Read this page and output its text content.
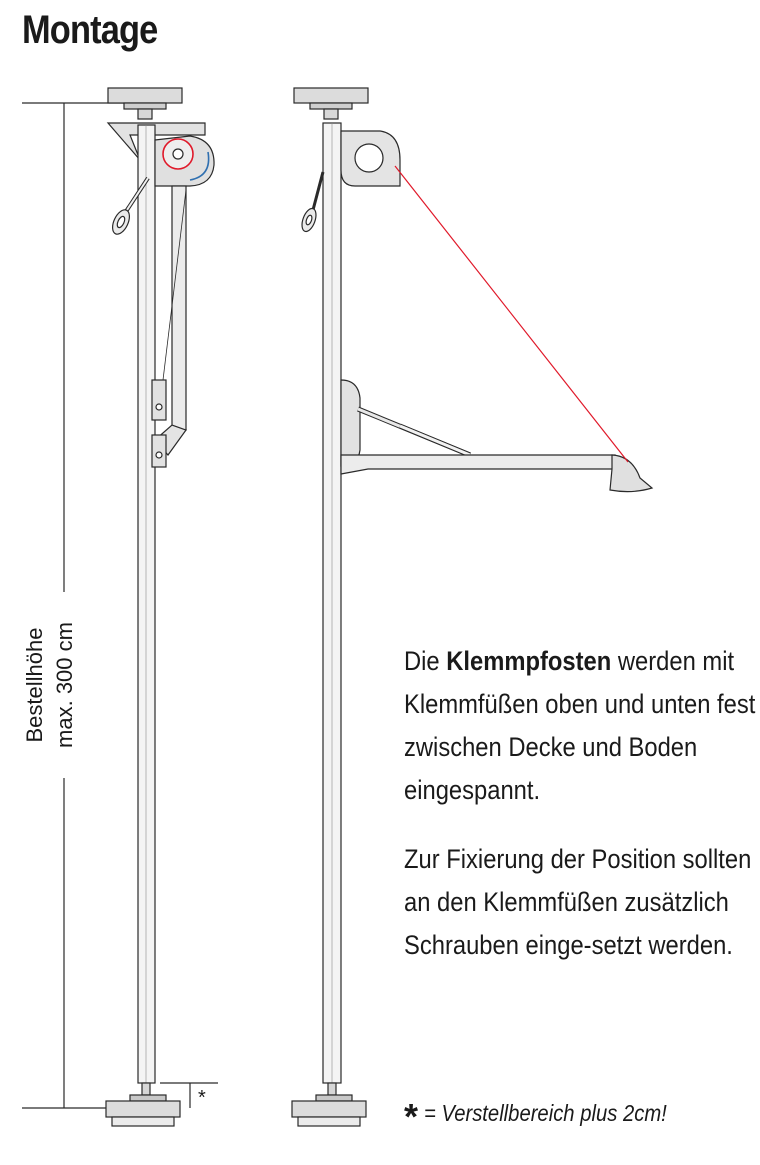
Montage
*
Bestellhöhe max. 300 cm	Die Klemmpfosten werden mit Klemmfüßen oben und unten fest zwischen Decke und Boden eingespannt.

Zur Fixierung der Position sollten an den Klemmfüßen zusätzlich Schrauben einge-setzt werden.

* = Verstellbereich plus 2cm!
